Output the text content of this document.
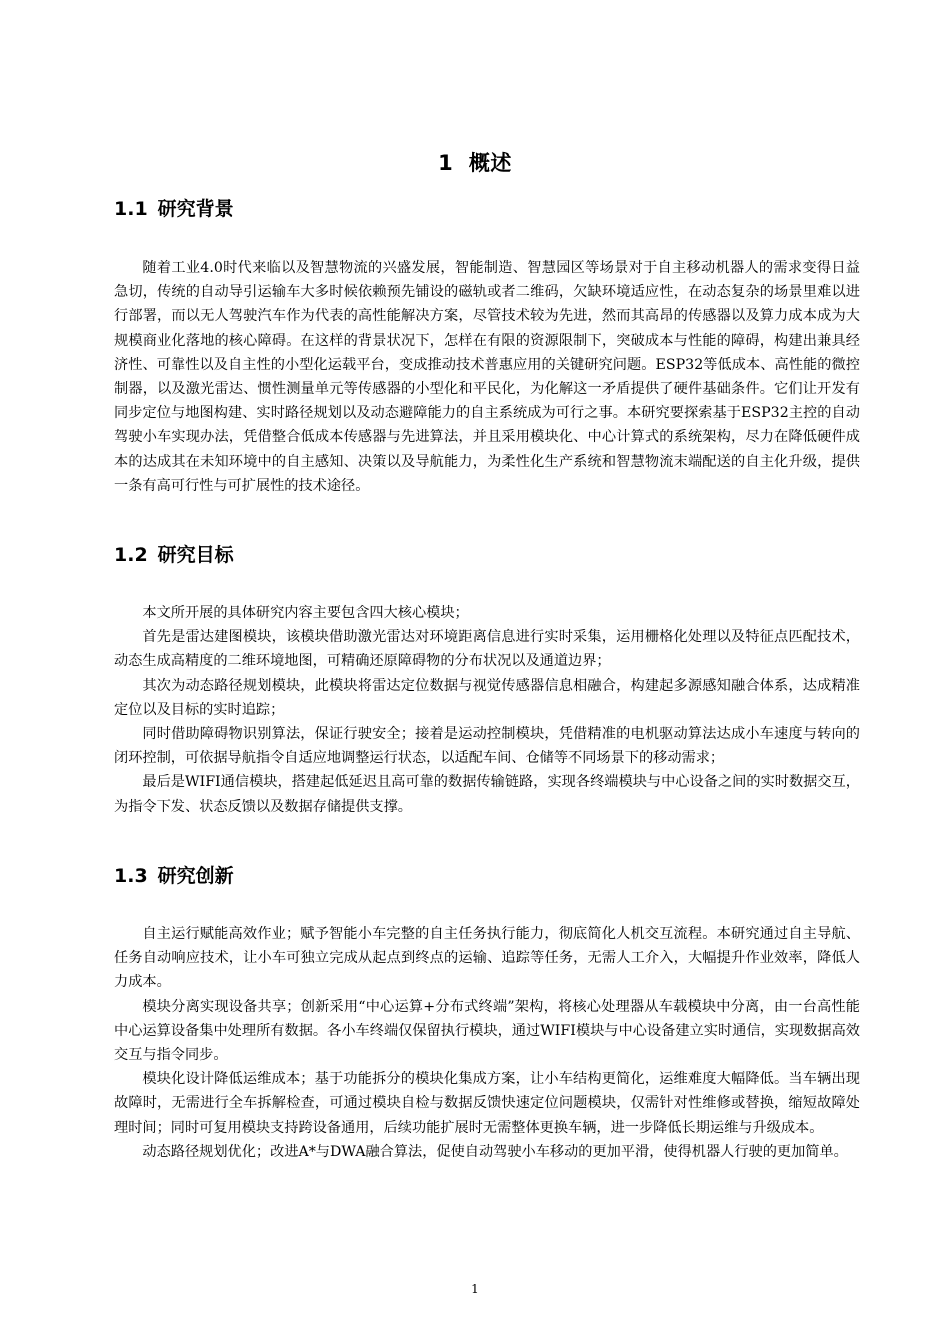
1 概述
1.1 研究背景

随着工业4.0时代来临以及智慧物流的兴盛发展，智能制造、智慧园区等场景对于自主移动机器人的需求变得日益急切，传统的自动导引运输车大多时候依赖预先铺设的磁轨或者二维码，欠缺环境适应性，在动态复杂的场景里难以进行部署，而以无人驾驶汽车作为代表的高性能解决方案，尽管技术较为先进，然而其高昂的传感器以及算力成本成为大规模商业化落地的核心障碍。在这样的背景状况下，怎样在有限的资源限制下，突破成本与性能的障碍，构建出兼具经济性、可靠性以及自主性的小型化运载平台，变成推动技术普惠应用的关键研究问题。ESP32等低成本、高性能的微控制器，以及激光雷达、惯性测量单元等传感器的小型化和平民化，为化解这一矛盾提供了硬件基础条件。它们让开发有同步定位与地图构建、实时路径规划以及动态避障能力的自主系统成为可行之事。本研究要探索基于ESP32主控的自动驾驶小车实现办法，凭借整合低成本传感器与先进算法，并且采用模块化、中心计算式的系统架构，尽力在降低硬件成本的达成其在未知环境中的自主感知、决策以及导航能力，为柔性化生产系统和智慧物流末端配送的自主化升级，提供一条有高可行性与可扩展性的技术途径。

1.2 研究目标

本文所开展的具体研究内容主要包含四大核心模块；

首先是雷达建图模块，该模块借助激光雷达对环境距离信息进行实时采集，运用栅格化处理以及特征点匹配技术，动态生成高精度的二维环境地图，可精确还原障碍物的分布状况以及通道边界；

其次为动态路径规划模块，此模块将雷达定位数据与视觉传感器信息相融合，构建起多源感知融合体系，达成精准定位以及目标的实时追踪；

同时借助障碍物识别算法，保证行驶安全；接着是运动控制模块，凭借精准的电机驱动算法达成小车速度与转向的闭环控制，可依据导航指令自适应地调整运行状态，以适配车间、仓储等不同场景下的移动需求；

最后是WIFI通信模块，搭建起低延迟且高可靠的数据传输链路，实现各终端模块与中心设备之间的实时数据交互，为指令下发、状态反馈以及数据存储提供支撑。

1.3 研究创新

自主运行赋能高效作业；赋予智能小车完整的自主任务执行能力，彻底简化人机交互流程。本研究通过自主导航、任务自动响应技术，让小车可独立完成从起点到终点的运输、追踪等任务，无需人工介入，大幅提升作业效率，降低人力成本。

模块分离实现设备共享；创新采用“中心运算+分布式终端”架构，将核心处理器从车载模块中分离，由一台高性能中心运算设备集中处理所有数据。各小车终端仅保留执行模块，通过WIFI模块与中心设备建立实时通信，实现数据高效交互与指令同步。

模块化设计降低运维成本；基于功能拆分的模块化集成方案，让小车结构更简化，运维难度大幅降低。当车辆出现故障时，无需进行全车拆解检查，可通过模块自检与数据反馈快速定位问题模块，仅需针对性维修或替换，缩短故障处理时间；同时可复用模块支持跨设备通用，后续功能扩展时无需整体更换车辆，进一步降低长期运维与升级成本。

动态路径规划优化；改进A*与DWA融合算法，促使自动驾驶小车移动的更加平滑，使得机器人行驶的更加简单。

1
